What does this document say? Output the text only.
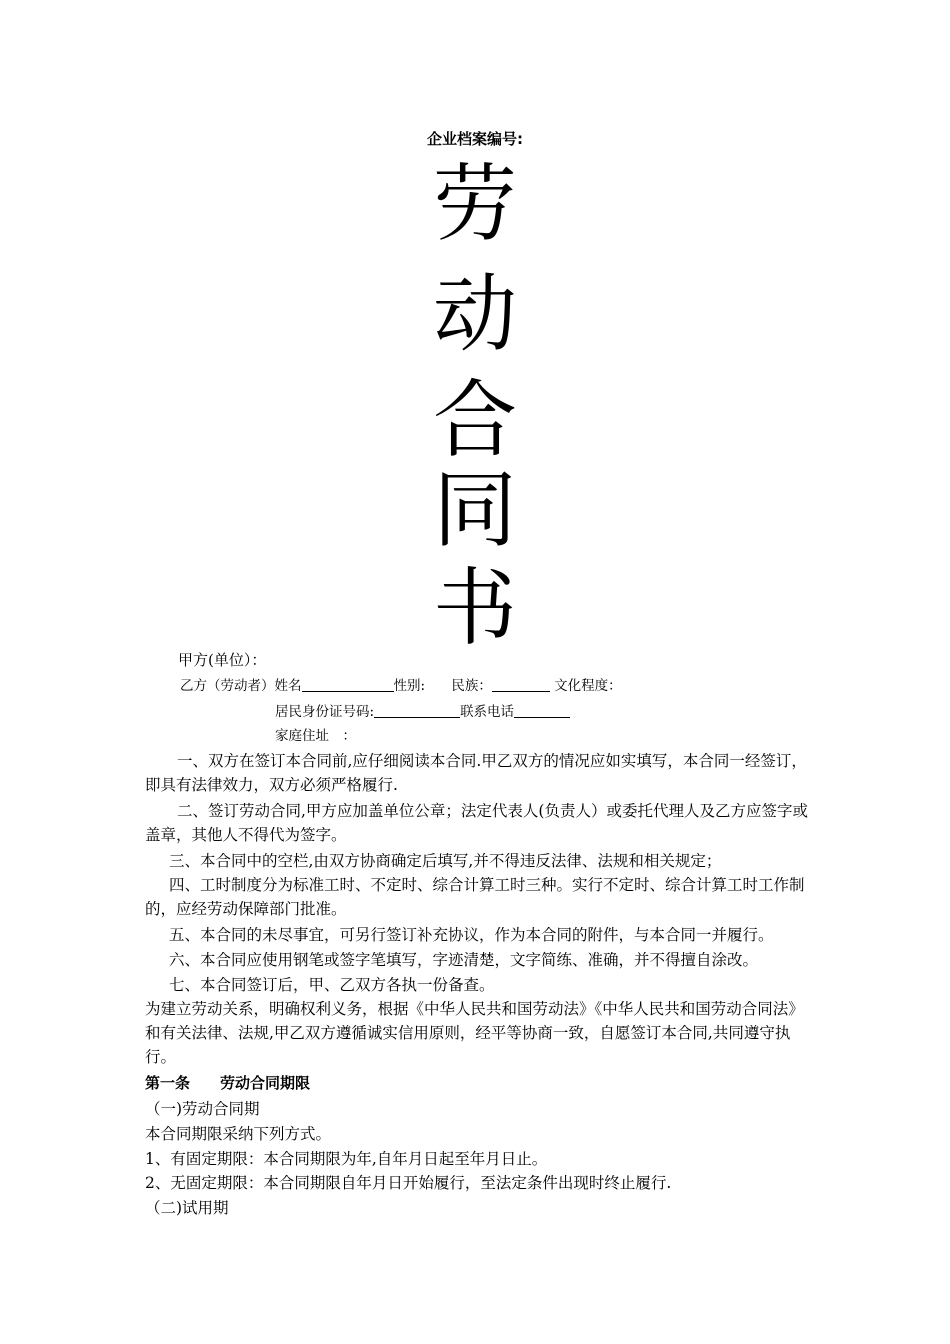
企业档案编号:
劳
动
合
同
书
甲方(单位）：
乙方（劳动者）姓名	性别: 民族：	文化程度：
居民身份证号码:	联系电话
家庭住址　：
一、双方在签订本合同前,应仔细阅读本合同.甲乙双方的情况应如实填写，本合同一经签订，即具有法律效力，双方必须严格履行.
二、签订劳动合同,甲方应加盖单位公章；法定代表人(负责人）或委托代理人及乙方应签字或盖章，其他人不得代为签字。
三、本合同中的空栏,由双方协商确定后填写,并不得违反法律、法规和相关规定；
四、工时制度分为标准工时、不定时、综合计算工时三种。实行不定时、综合计算工时工作制的，应经劳动保障部门批准。
五、本合同的未尽事宜，可另行签订补充协议，作为本合同的附件，与本合同一并履行。
六、本合同应使用钢笔或签字笔填写，字迹清楚，文字简练、准确，并不得擅自涂改。
七、本合同签订后，甲、乙双方各执一份备查。
为建立劳动关系，明确权利义务，根据《中华人民共和国劳动法》《中华人民共和国劳动合同法》和有关法律、法规,甲乙双方遵循诚实信用原则，经平等协商一致，自愿签订本合同,共同遵守执行。
第一条　　劳动合同期限
（一)劳动合同期
本合同期限采纳下列方式。
1、有固定期限：本合同期限为年,自年月日起至年月日止。
2、无固定期限：本合同期限自年月日开始履行，至法定条件出现时终止履行.
（二)试用期
